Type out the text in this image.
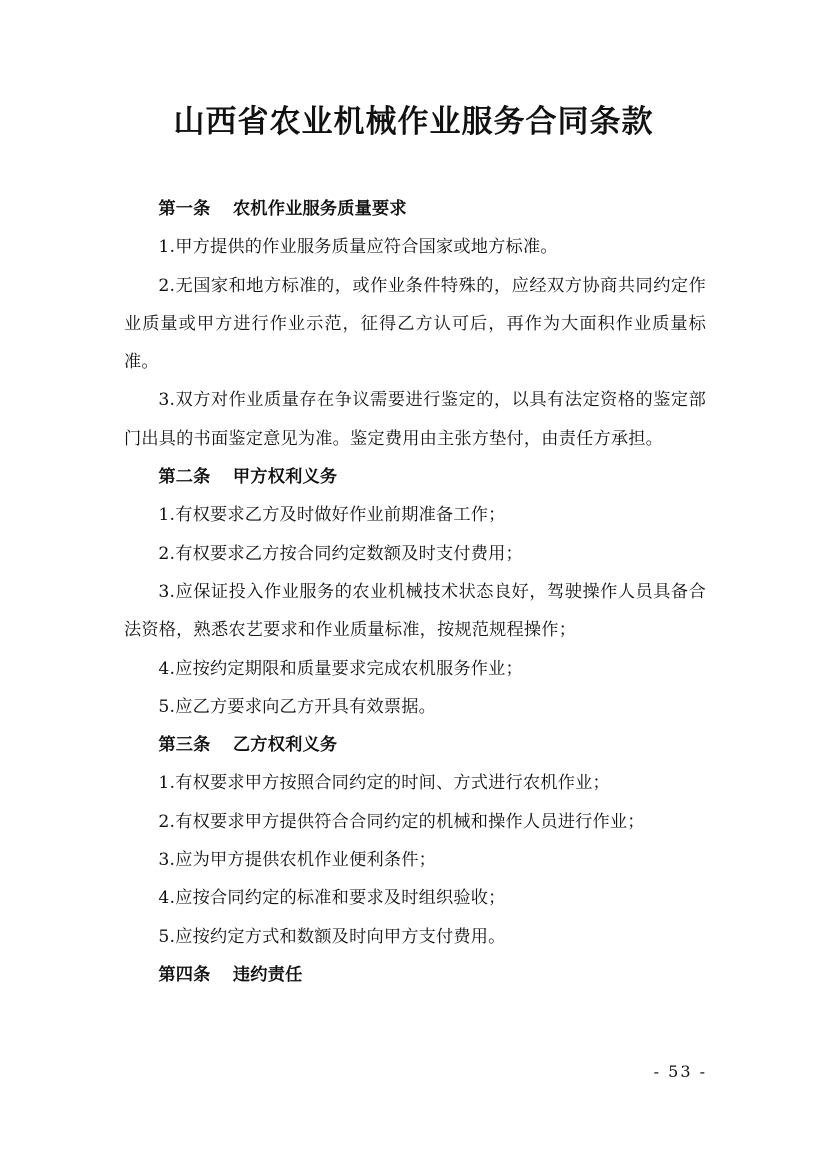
山西省农业机械作业服务合同条款

第一条 农机作业服务质量要求

1.甲方提供的作业服务质量应符合国家或地方标准。

2.无国家和地方标准的，或作业条件特殊的，应经双方协商共同约定作业质量或甲方进行作业示范，征得乙方认可后，再作为大面积作业质量标准。

3.双方对作业质量存在争议需要进行鉴定的，以具有法定资格的鉴定部门出具的书面鉴定意见为准。鉴定费用由主张方垫付，由责任方承担。

第二条 甲方权利义务

1.有权要求乙方及时做好作业前期准备工作；

2.有权要求乙方按合同约定数额及时支付费用；

3.应保证投入作业服务的农业机械技术状态良好，驾驶操作人员具备合法资格，熟悉农艺要求和作业质量标准，按规范规程操作；

4.应按约定期限和质量要求完成农机服务作业；

5.应乙方要求向乙方开具有效票据。

第三条 乙方权利义务

1.有权要求甲方按照合同约定的时间、方式进行农机作业；

2.有权要求甲方提供符合合同约定的机械和操作人员进行作业；

3.应为甲方提供农机作业便利条件；

4.应按合同约定的标准和要求及时组织验收；

5.应按约定方式和数额及时向甲方支付费用。

第四条 违约责任

- 53 -
